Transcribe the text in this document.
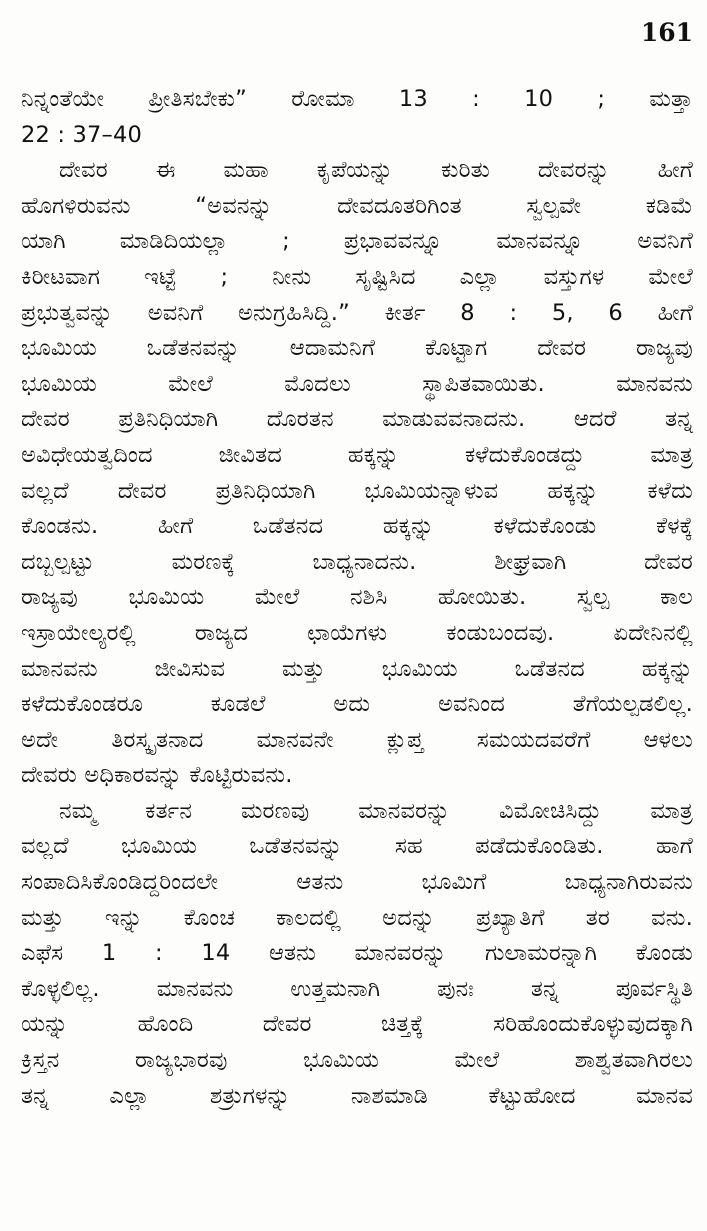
161
ನಿನ್ನಂತೆಯೇ ಪ್ರೀತಿಸಬೇಕು” ರೋಮಾ 13 : 10 ; ಮತ್ತಾ
22 : 37–40
ದೇವರ ಈ ಮಹಾ ಕೃಪೆಯನ್ನು ಕುರಿತು ದೇವರನ್ನು ಹೀಗೆ
ಹೊಗಳಿರುವನು “ಅವನನ್ನು ದೇವದೂತರಿಗಿಂತ ಸ್ವಲ್ಪವೇ ಕಡಿಮೆ
ಯಾಗಿ ಮಾಡಿದಿಯಲ್ಲಾ ; ಪ್ರಭಾವವನ್ನೂ ಮಾನವನ್ನೂ ಅವನಿಗೆ
ಕಿರೀಟವಾಗ ಇಟ್ಟೆ ; ನೀನು ಸೃಷ್ಟಿಸಿದ ಎಲ್ಲಾ ವಸ್ತುಗಳ ಮೇಲೆ
ಪ್ರಭುತ್ವವನ್ನು ಅವನಿಗೆ ಅನುಗ್ರಹಿಸಿದ್ದಿ.” ಕೀರ್ತ 8 : 5, 6 ಹೀಗೆ
ಭೂಮಿಯ ಒಡೆತನವನ್ನು ಆದಾಮನಿಗೆ ಕೊಟ್ಟಾಗ ದೇವರ ರಾಜ್ಯವು
ಭೂಮಿಯ ಮೇಲೆ ಮೊದಲು ಸ್ಥಾಪಿತವಾಯಿತು. ಮಾನವನು
ದೇವರ ಪ್ರತಿನಿಧಿಯಾಗಿ ದೊರತನ ಮಾಡುವವನಾದನು. ಆದರೆ ತನ್ನ
ಅವಿಧೇಯತ್ವದಿಂದ ಜೀವಿತದ ಹಕ್ಕನ್ನು ಕಳೆದುಕೊಂಡದ್ದು ಮಾತ್ರ
ವಲ್ಲದೆ ದೇವರ ಪ್ರತಿನಿಧಿಯಾಗಿ ಭೂಮಿಯನ್ನಾಳುವ ಹಕ್ಕನ್ನು ಕಳೆದು
ಕೊಂಡನು. ಹೀಗೆ ಒಡೆತನದ ಹಕ್ಕನ್ನು ಕಳೆದುಕೊಂಡು ಕೆಳಕ್ಕೆ
ದಬ್ಬಲ್ಪಟ್ಟು ಮರಣಕ್ಕೆ ಬಾಧ್ಯನಾದನು. ಶೀಘ್ರವಾಗಿ ದೇವರ
ರಾಜ್ಯವು ಭೂಮಿಯ ಮೇಲೆ ನಶಿಸಿ ಹೋಯಿತು. ಸ್ವಲ್ಪ ಕಾಲ
ಇಸ್ರಾಯೇಲ್ಯರಲ್ಲಿ ರಾಜ್ಯದ ಛಾಯೆಗಳು ಕಂಡುಬಂದವು. ಏದೇನಿನಲ್ಲಿ
ಮಾನವನು ಜೀವಿಸುವ ಮತ್ತು ಭೂಮಿಯ ಒಡೆತನದ ಹಕ್ಕನ್ನು
ಕಳೆದುಕೊಂಡರೂ ಕೂಡಲೆ ಅದು ಅವನಿಂದ ತೆಗೆಯಲ್ಪಡಲಿಲ್ಲ.
ಅದೇ ತಿರಸ್ಕೃತನಾದ ಮಾನವನೇ ಕ್ಲುಪ್ತ ಸಮಯದವರೆಗೆ ಆಳಲು
ದೇವರು ಅಧಿಕಾರವನ್ನು ಕೊಟ್ಟಿರುವನು.
ನಮ್ಮ ಕರ್ತನ ಮರಣವು ಮಾನವರನ್ನು ವಿಮೋಚಿಸಿದ್ದು ಮಾತ್ರ
ವಲ್ಲದೆ ಭೂಮಿಯ ಒಡೆತನವನ್ನು ಸಹ ಪಡೆದುಕೊಂಡಿತು. ಹಾಗೆ
ಸಂಪಾದಿಸಿಕೊಂಡಿದ್ದರಿಂದಲೇ ಆತನು ಭೂಮಿಗೆ ಬಾಧ್ಯನಾಗಿರುವನು
ಮತ್ತು ಇನ್ನು ಕೊಂಚ ಕಾಲದಲ್ಲಿ ಅದನ್ನು ಪ್ರಖ್ಯಾತಿಗೆ ತರ ವನು.
ಎಫೆಸ 1 : 14 ಆತನು ಮಾನವರನ್ನು ಗುಲಾಮರನ್ನಾಗಿ ಕೊಂಡು
ಕೊಳ್ಳಲಿಲ್ಲ. ಮಾನವನು ಉತ್ತಮನಾಗಿ ಪುನಃ ತನ್ನ ಪೂರ್ವಸ್ಥಿತಿ
ಯನ್ನು ಹೊಂದಿ ದೇವರ ಚಿತ್ತಕ್ಕೆ ಸರಿಹೊಂದುಕೊಳ್ಳುವುದಕ್ಕಾಗಿ
ಕ್ರಿಸ್ತನ ರಾಜ್ಯಭಾರವು ಭೂಮಿಯ ಮೇಲೆ ಶಾಶ್ವತವಾಗಿರಲು
ತನ್ನ ಎಲ್ಲಾ ಶತ್ರುಗಳನ್ನು ನಾಶಮಾಡಿ ಕೆಟ್ಟುಹೋದ ಮಾನವ
